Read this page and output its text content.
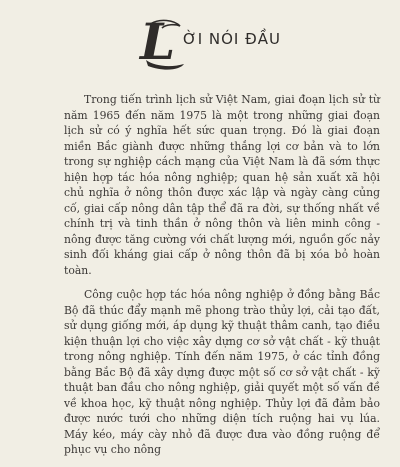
L ỜI NÓI ĐẦU

Trong tiến trình lịch sử Việt Nam, giai đoạn lịch sử từ năm 1965 đến năm 1975 là một trong những giai đoạn lịch sử có ý nghĩa hết sức quan trọng. Đó là giai đoạn miền Bắc giành được những thắng lợi cơ bản và to lớn trong sự nghiệp cách mạng của Việt Nam là đã sớm thực hiện hợp tác hóa nông nghiệp; quan hệ sản xuất xã hội chủ nghĩa ở nông thôn được xác lập và ngày càng củng cố, giai cấp nông dân tập thể đã ra đời, sự thống nhất về chính trị và tinh thần ở nông thôn và liên minh công - nông được tăng cường với chất lượng mới, nguồn gốc nảy sinh đối kháng giai cấp ở nông thôn đã bị xóa bỏ hoàn toàn.

Công cuộc hợp tác hóa nông nghiệp ở đồng bằng Bắc Bộ đã thúc đẩy mạnh mẽ phong trào thủy lợi, cải tạo đất, sử dụng giống mới, áp dụng kỹ thuật thâm canh, tạo điều kiện thuận lợi cho việc xây dựng cơ sở vật chất - kỹ thuật trong nông nghiệp. Tính đến năm 1975, ở các tỉnh đồng bằng Bắc Bộ đã xây dựng được một số cơ sở vật chất - kỹ thuật ban đầu cho nông nghiệp, giải quyết một số vấn đề về khoa học, kỹ thuật nông nghiệp. Thủy lợi đã đảm bảo được nước tưới cho những diện tích ruộng hai vụ lúa. Máy kéo, máy cày nhỏ đã được đưa vào đồng ruộng để phục vụ cho nông
